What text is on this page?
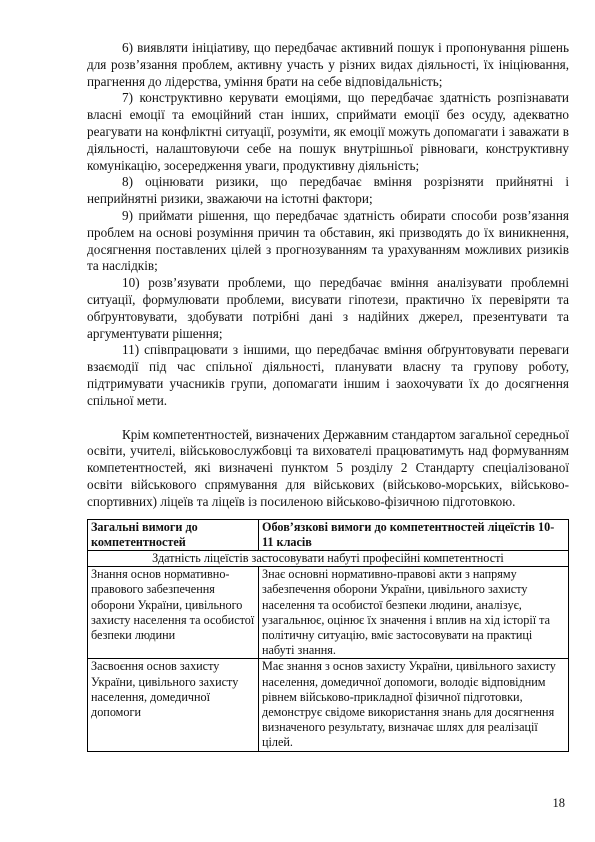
6) виявляти ініціативу, що передбачає активний пошук і пропонування рішень для розв’язання проблем, активну участь у різних видах діяльності, їх ініціювання, прагнення до лідерства, уміння брати на себе відповідальність;

7) конструктивно керувати емоціями, що передбачає здатність розпізнавати власні емоції та емоційний стан інших, сприймати емоції без осуду, адекватно реагувати на конфліктні ситуації, розуміти, як емоції можуть допомагати і заважати в діяльності, налаштовуючи себе на пошук внутрішньої рівноваги, конструктивну комунікацію, зосередження уваги, продуктивну діяльність;

8) оцінювати ризики, що передбачає вміння розрізняти прийнятні і неприйнятні ризики, зважаючи на істотні фактори;

9) приймати рішення, що передбачає здатність обирати способи розв’язання проблем на основі розуміння причин та обставин, які призводять до їх виникнення, досягнення поставлених цілей з прогнозуванням та урахуванням можливих ризиків та наслідків;

10) розв’язувати проблеми, що передбачає вміння аналізувати проблемні ситуації, формулювати проблеми, висувати гіпотези, практично їх перевіряти та обґрунтовувати, здобувати потрібні дані з надійних джерел, презентувати та аргументувати рішення;

11) співпрацювати з іншими, що передбачає вміння обґрунтовувати переваги взаємодії під час спільної діяльності, планувати власну та групову роботу, підтримувати учасників групи, допомагати іншим і заохочувати їх до досягнення спільної мети.

Крім компетентностей, визначених Державним стандартом загальної середньої освіти, учителі, військовослужбовці та вихователі працюватимуть над формуванням компетентностей, які визначені пунктом 5 розділу 2 Стандарту спеціалізованої освіти військового спрямування для військових (військово-морських, військово-спортивних) ліцеїв та ліцеїв із посиленою військово-фізичною підготовкою.

Загальні вимоги до компетентностей	Обов’язкові вимоги до компетентностей ліцеїстів 10-11 класів
Здатність ліцеїстів застосовувати набуті професійні компетентності	
Знання основ нормативно-правового забезпечення оборони України, цивільного захисту населення та особистої безпеки людини	Знає основні нормативно-правові акти з напряму забезпечення оборони України, цивільного захисту населення та особистої безпеки людини, аналізує, узагальнює, оцінює їх значення і вплив на хід історії та політичну ситуацію, вміє застосовувати на практиці набуті знання.
Засвоєння основ захисту України, цивільного захисту населення, домедичної допомоги	Має знання з основ захисту України, цивільного захисту населення, домедичної допомоги, володіє відповідним рівнем військово-прикладної фізичної підготовки, демонструє свідоме використання знань для досягнення визначеного результату, визначає шлях для реалізації цілей.
18
